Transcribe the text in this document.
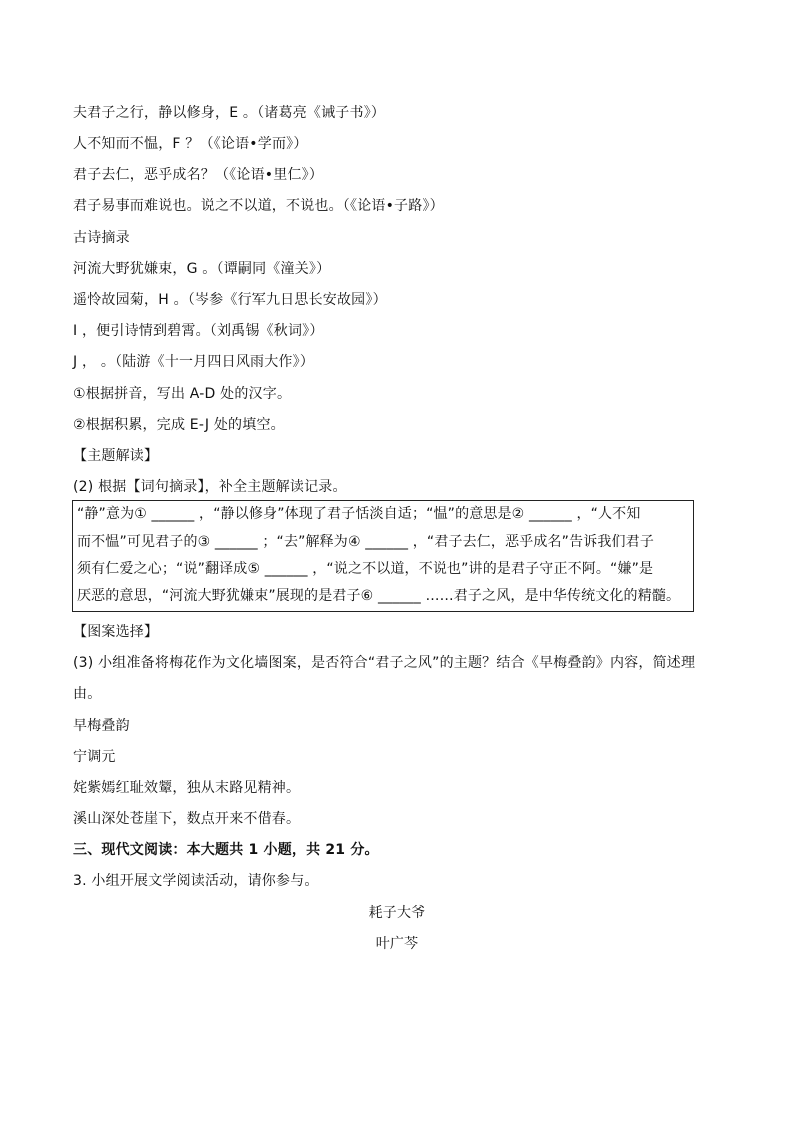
夫君子之行，静以修身，E 。（诸葛亮《诫子书》）
人不知而不愠，F ？（《论语•学而》）
君子去仁，恶乎成名？（《论语•里仁》）
君子易事而难说也。说之不以道，不说也。（《论语•子路》）
古诗摘录
河流大野犹嫌束，G 。（谭嗣同《潼关》）
遥怜故园菊，H 。（岑参《行军九日思长安故园》）
I ，便引诗情到碧霄。（刘禹锡《秋词》）
J ， 。（陆游《十一月四日风雨大作》）
①根据拼音，写出 A-D 处的汉字。
②根据积累，完成 E-J 处的填空。
【主题解读】
(2) 根据【词句摘录】，补全主题解读记录。
“静”意为① ______ ，“静以修身”体现了君子恬淡自适；“愠”的意思是② ______ ，“人不知
而不愠”可见君子的③ ______ ；“去”解释为④ ______ ，“君子去仁，恶乎成名”告诉我们君子
须有仁爱之心；“说”翻译成⑤ ______ ，“说之不以道，不说也”讲的是君子守正不阿。“嫌”是
厌恶的意思，“河流大野犹嫌束”展现的是君子⑥ ______ ……君子之风，是中华传统文化的精髓。
【图案选择】
(3) 小组准备将梅花作为文化墙图案，是否符合“君子之风”的主题？结合《早梅叠韵》内容，简述理
由。
早梅叠韵
宁调元
姹紫嫣红耻效颦，独从末路见精神。
溪山深处苍崖下，数点开来不借春。
三、现代文阅读：本大题共 1 小题，共 21 分。
3. 小组开展文学阅读活动，请你参与。
耗子大爷
叶广芩
